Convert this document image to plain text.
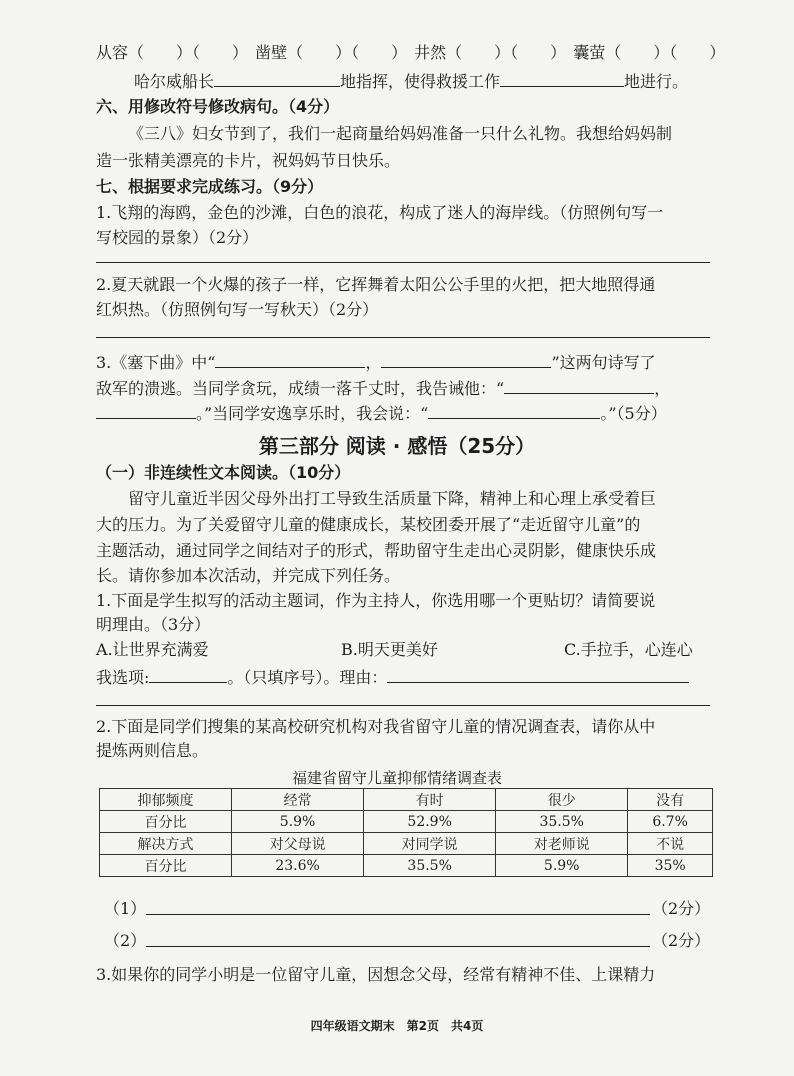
从容（　　）（　　） 凿壁（　　）（　　） 井然（　　）（　　） 囊萤（　　）（　　）
哈尔威船长	地指挥，使得救援工作	地进行。
六、用修改符号修改病句。（4分）
《三八》妇女节到了，我们一起商量给妈妈准备一只什么礼物。我想给妈妈制
造一张精美漂亮的卡片，祝妈妈节日快乐。
七、根据要求完成练习。（9分）
1.飞翔的海鸥，金色的沙滩，白色的浪花，构成了迷人的海岸线。（仿照例句写一
写校园的景象）（2分）
2.夏天就跟一个火爆的孩子一样，它挥舞着太阳公公手里的火把，把大地照得通
红炽热。（仿照例句写一写秋天）（2分）
3.《塞下曲》中“	，	”这两句诗写了
敌军的溃逃。当同学贪玩，成绩一落千丈时，我告诫他：“	，
。”当同学安逸享乐时，我会说：“	。”（5分）
第三部分 阅读 · 感悟（25分）
（一）非连续性文本阅读。（10分）
留守儿童近半因父母外出打工导致生活质量下降，精神上和心理上承受着巨
大的压力。为了关爱留守儿童的健康成长，某校团委开展了“走近留守儿童”的
主题活动，通过同学之间结对子的形式，帮助留守生走出心灵阴影，健康快乐成
长。请你参加本次活动，并完成下列任务。
1.下面是学生拟写的活动主题词，作为主持人，你选用哪一个更贴切？请简要说
明理由。（3分）
A.让世界充满爱	B.明天更美好	C.手拉手，心连心
我选项:	。（只填序号）。理由：
2.下面是同学们搜集的某高校研究机构对我省留守儿童的情况调查表，请你从中
提炼两则信息。
福建省留守儿童抑郁情绪调查表
抑郁频度	经常	有时	很少	没有
百分比	5.9%	52.9%	35.5%	6.7%
解决方式	对父母说	对同学说	对老师说	不说
百分比	23.6%	35.5%	5.9%	35%
（1）	（2分）
（2）	（2分）
3.如果你的同学小明是一位留守儿童，因想念父母，经常有精神不佳、上课精力
四年级语文期末　第2页　共4页
